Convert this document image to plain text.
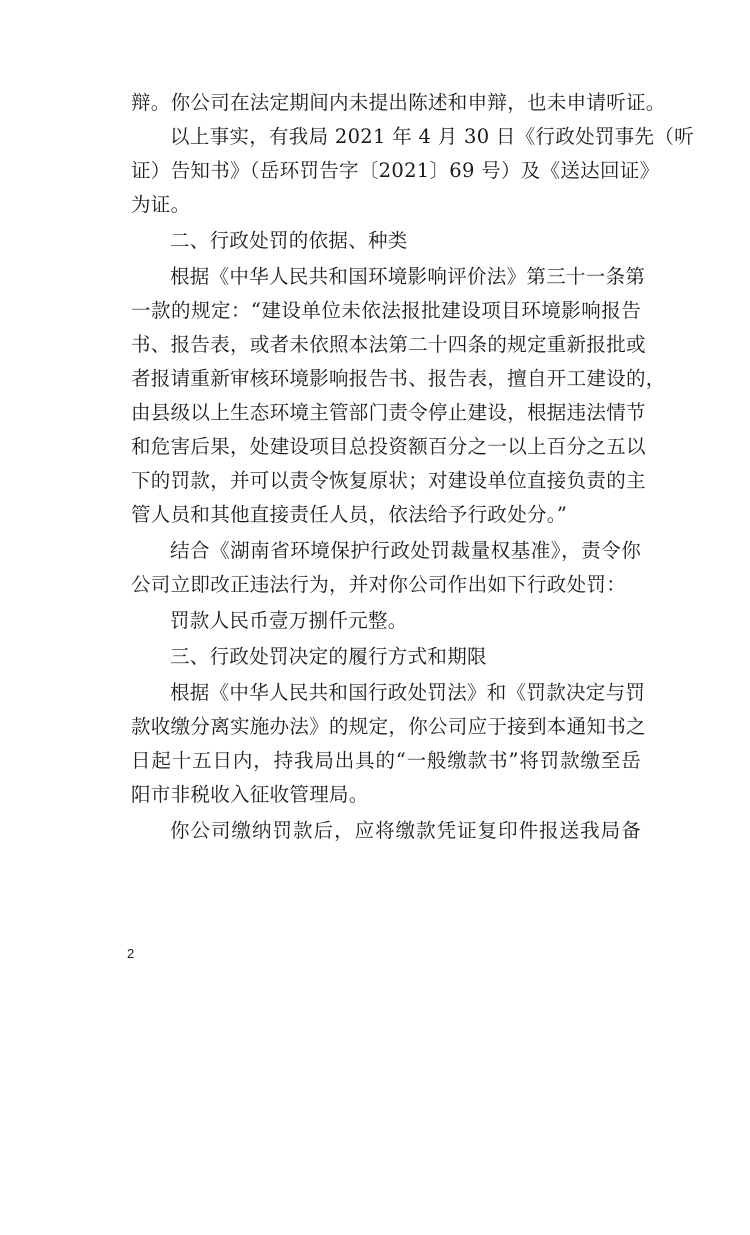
辩。你公司在法定期间内未提出陈述和申辩，也未申请听证。
以上事实，有我局 2021 年 4 月 30 日《行政处罚事先（听
证）告知书》（岳环罚告字〔2021〕69 号）及《送达回证》
为证。
二、行政处罚的依据、种类
根据《中华人民共和国环境影响评价法》第三十一条第
一款的规定：“建设单位未依法报批建设项目环境影响报告
书、报告表，或者未依照本法第二十四条的规定重新报批或
者报请重新审核环境影响报告书、报告表，擅自开工建设的，
由县级以上生态环境主管部门责令停止建设，根据违法情节
和危害后果，处建设项目总投资额百分之一以上百分之五以
下的罚款，并可以责令恢复原状；对建设单位直接负责的主
管人员和其他直接责任人员，依法给予行政处分。”
结合《湖南省环境保护行政处罚裁量权基准》，责令你
公司立即改正违法行为，并对你公司作出如下行政处罚：
罚款人民币壹万捌仟元整。
三、行政处罚决定的履行方式和期限
根据《中华人民共和国行政处罚法》和《罚款决定与罚
款收缴分离实施办法》的规定，你公司应于接到本通知书之
日起十五日内，持我局出具的“一般缴款书”将罚款缴至岳
阳市非税收入征收管理局。
你公司缴纳罚款后，应将缴款凭证复印件报送我局备
2
